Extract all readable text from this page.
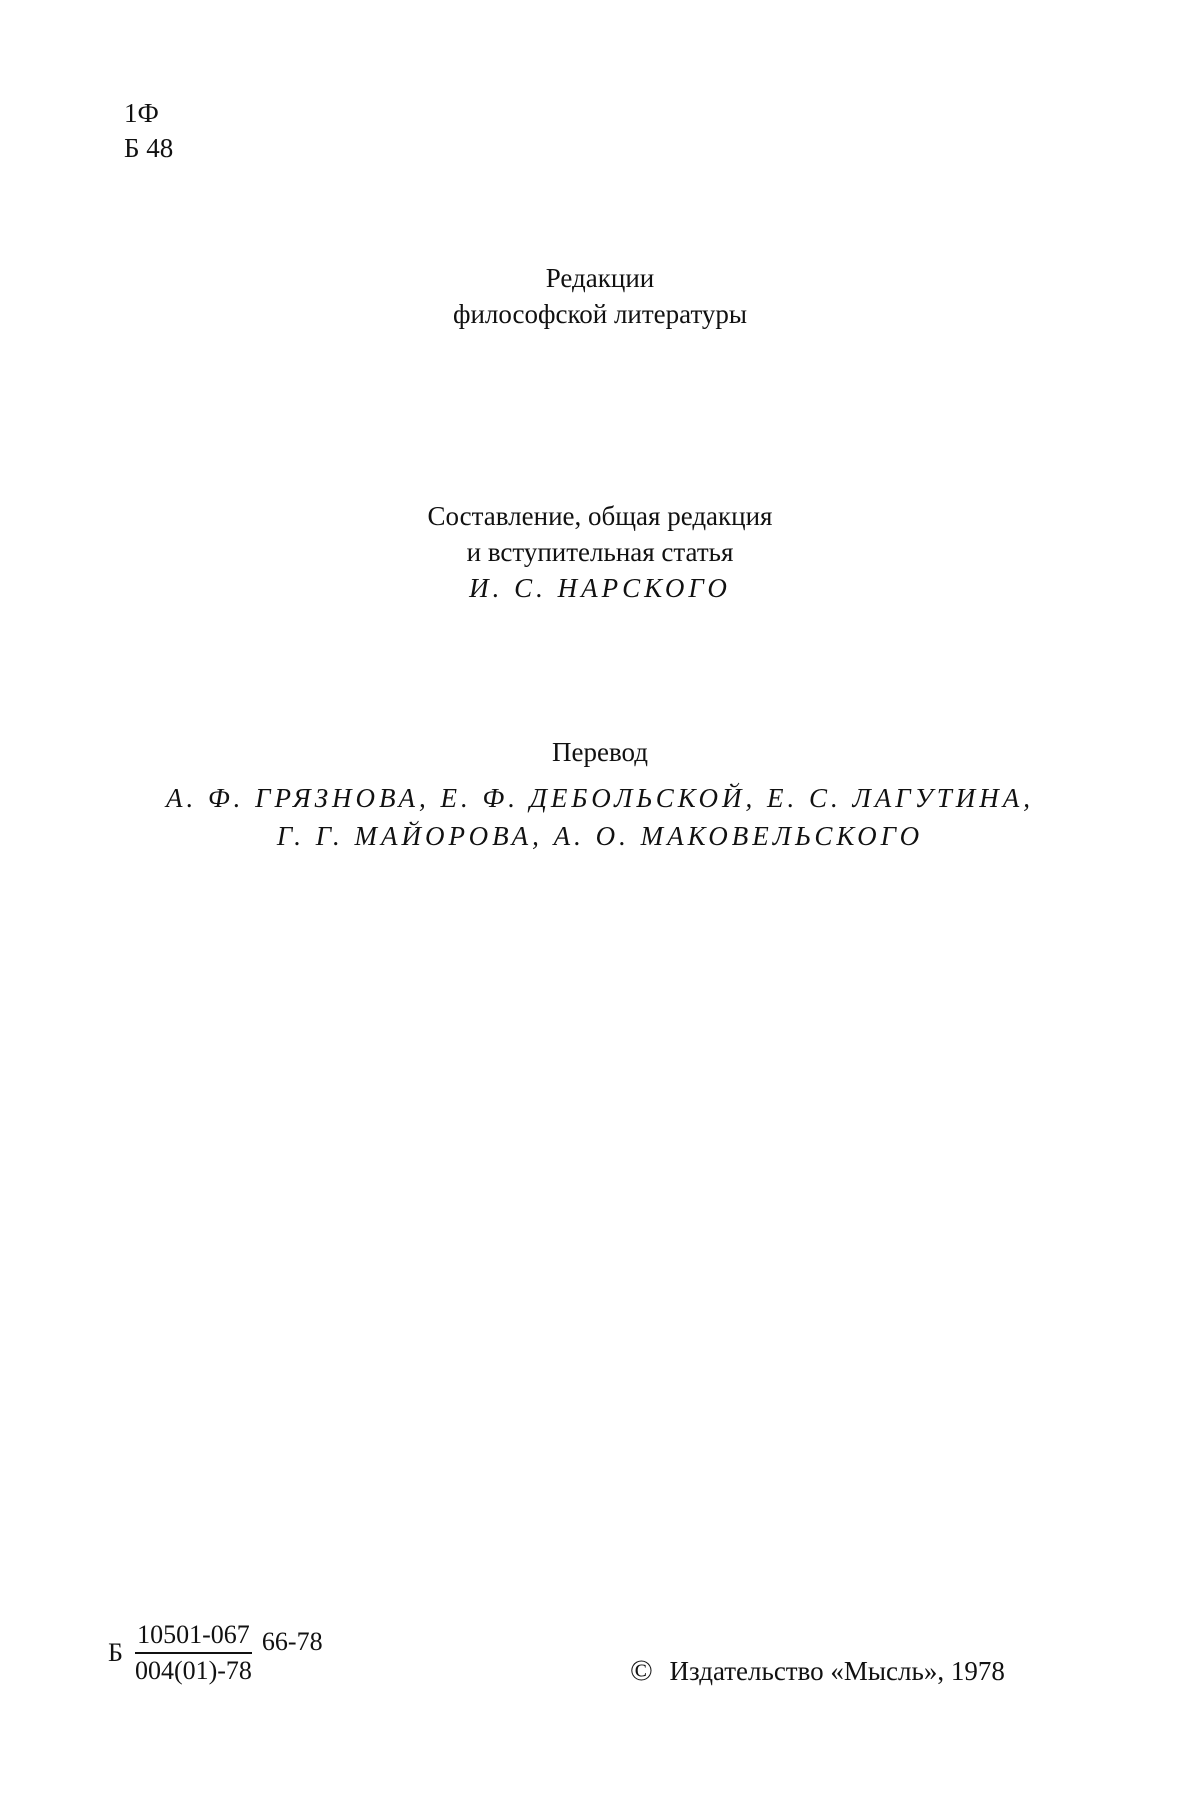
1Ф
Б 48
Редакции
философской литературы
Составление, общая редакция
и вступительная статья
И. С. НАРСКОГО
Перевод
А. Ф. ГРЯЗНОВА, Е. Ф. ДЕБОЛЬСКОЙ, Е. С. ЛАГУТИНА,
Г. Г. МАЙОРОВА, А. О. МАКОВЕЛЬСКОГО
Б $\frac{10501-067}{004(01)-78} 66-78$
© Издательство «Мысль», 1978
